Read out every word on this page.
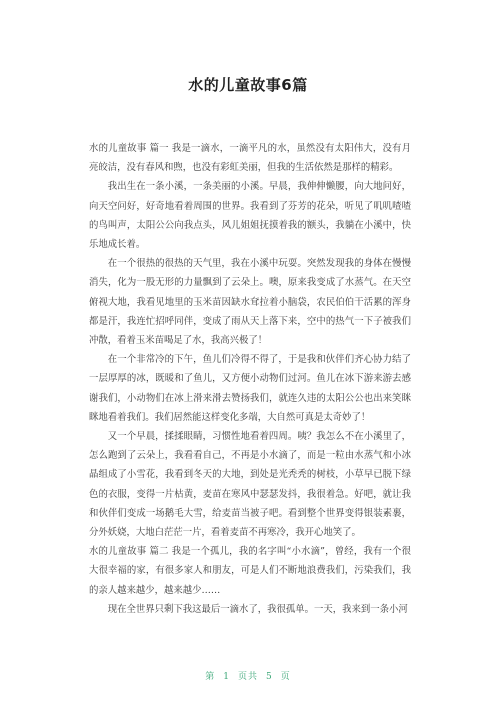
水的儿童故事6篇

水的儿童故事 篇一 我是一滴水，一滴平凡的水，虽然没有太阳伟大，没有月亮皎洁，没有春风和煦，也没有彩虹美丽，但我的生活依然是那样的精彩。

我出生在一条小溪，一条美丽的小溪。早晨，我伸伸懒腰，向大地问好，向天空问好，好奇地看着周围的世界。我看到了芬芳的花朵，听见了叽叽喳喳的鸟叫声，太阳公公向我点头，风儿姐姐抚摸着我的额头，我躺在小溪中，快乐地成长着。

在一个很热的很热的天气里，我在小溪中玩耍。突然发现我的身体在慢慢消失，化为一股无形的力量飘到了云朵上。噢，原来我变成了水蒸气。在天空俯视大地，我看见地里的玉米苗因缺水耷拉着小脑袋，农民伯伯干活累的浑身都是汗，我连忙招呼同伴，变成了雨从天上落下来，空中的热气一下子被我们冲散，看着玉米苗喝足了水，我高兴极了！

在一个非常冷的下午，鱼儿们冷得不得了，于是我和伙伴们齐心协力结了一层厚厚的冰，既暖和了鱼儿，又方便小动物们过河。鱼儿在冰下游来游去感谢我们，小动物们在冰上滑来滑去赞扬我们，就连久违的太阳公公也出来笑眯眯地看着我们。我们居然能这样变化多端，大自然可真是太奇妙了！

又一个早晨，揉揉眼睛，习惯性地看着四周。咦？我怎么不在小溪里了，怎么跑到了云朵上，我看看自己，不再是小水滴了，而是一粒由水蒸气和小冰晶组成了小雪花，我看到冬天的大地，到处是光秃秃的树枝，小草早已脱下绿色的衣服，变得一片枯黄，麦苗在寒风中瑟瑟发抖，我很着急。好吧，就让我和伙伴们变成一场鹅毛大雪，给麦苗当被子吧。看到整个世界变得银装素裹，分外妖娆，大地白茫茫一片，看着麦苗不再寒冷，我开心地笑了。

水的儿童故事 篇二 我是一个孤儿，我的名字叫“小水滴”，曾经，我有一个很大很幸福的家，有很多家人和朋友，可是人们不断地浪费我们，污染我们，我的亲人越来越少，越来越少……

现在全世界只剩下我这最后一滴水了，我很孤单。一天，我来到一条小河

第 1 页共 5 页
